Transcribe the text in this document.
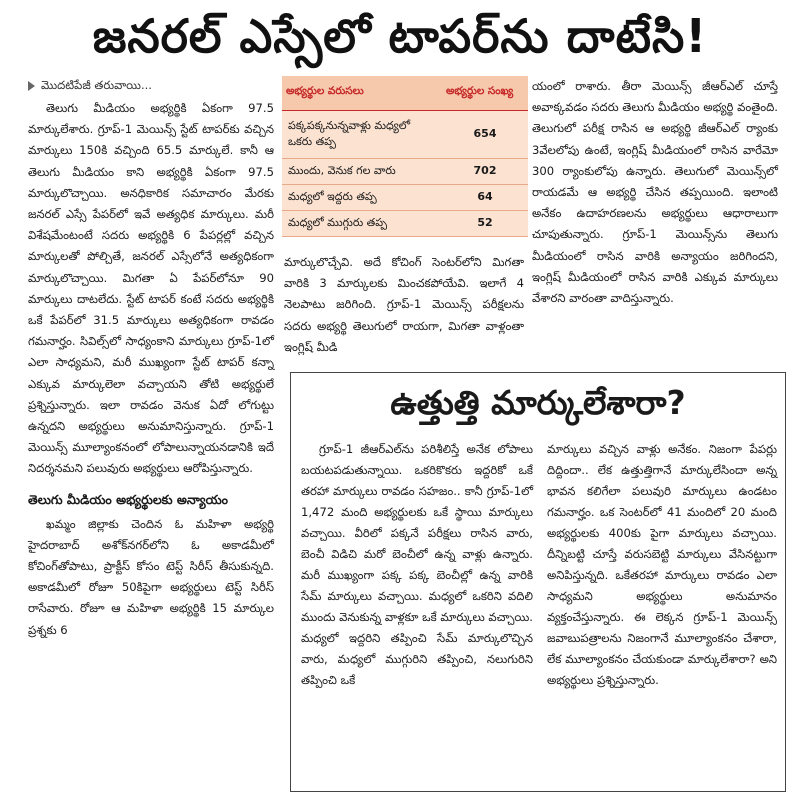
జనరల్ ఎస్సేలో టాపర్‌ను దాటేసి!
మొదటిపేజీ తరువాయి...

తెలుగు మీడియం అభ్యర్థికి ఏకంగా 97.5 మార్కులేశారు. గ్రూప్‌-1 మెయిన్స్‌ స్టేట్‌ టాపర్‌కు వచ్చిన మార్కులు 150కి వచ్చింది 65.5 మార్కులే. కానీ ఆ తెలుగు మీడియం కాని అభ్యర్థికి ఏకంగా 97.5 మార్కులొచ్చాయి. అనధికారిక సమాచారం మేరకు జనరల్‌ ఎస్సే పేపర్‌లో ఇవే అత్యధిక మార్కులు. మరీ విశేషమేంటంటే సదరు అభ్యర్థికి 6 పేపర్లల్లో వచ్చిన మార్కులతో పోల్చితే, జనరల్‌ ఎస్సేలోనే అత్యధికంగా మార్కులొచ్చాయి. మిగతా ఏ పేపర్‌లోనూ 90 మార్కులు దాటలేదు. స్టేట్‌ టాపర్‌ కంటే సదరు అభ్యర్థికి ఒకే పేపర్‌లో 31.5 మార్కులు అత్యధికంగా రావడం గమనార్హం. సివిల్స్‌లో సాధ్యంకాని మార్కులు గ్రూప్‌-1లో ఎలా సాధ్యమని, మరీ ముఖ్యంగా స్టేట్‌ టాపర్‌ కన్నా ఎక్కువ మార్కులెలా వచ్చాయని తోటి అభ్యర్థులే ప్రశ్నిస్తున్నారు. ఇలా రావడం వెనుక ఏదో లోగుట్టు ఉన్నదని అభ్యర్థులు అనుమానిస్తున్నారు. గ్రూప్‌-1 మెయిన్స్‌ మూల్యాంకనంలో లోపాలున్నాయనడానికి ఇదే నిదర్శనమని పలువురు అభ్యర్థులు ఆరోపిస్తున్నారు.

తెలుగు మీడియం అభ్యర్థులకు అన్యాయం

ఖమ్మం జిల్లాకు చెందిన ఓ మహిళా అభ్యర్థి హైదరాబాద్‌ అశోక్‌నగర్‌లోని ఓ అకాడమీలో కోచింగ్‌తోపాటు, ప్రాక్టీస్‌ కోసం టెస్ట్‌ సిరీస్‌ తీసుకున్నది. అకాడమీలో రోజూ 50కిపైగా అభ్యర్థులు టెస్ట్‌ సిరీస్‌ రాసేవారు. రోజూ ఆ మహిళా అభ్యర్థికి 15 మార్కుల ప్రశ్నకు 6

అభ్యర్థుల వరుసలు	అభ్యర్థుల సంఖ్య
పక్కపక్కనున్నవాళ్లు మధ్యలో ఒకరు తప్ప	654
ముందు, వెనుక గల వారు	702
మధ్యలో ఇద్దరు తప్ప	64
మధ్యలో ముగ్గురు తప్ప	52

మార్కులొచ్చేవి. అదే కోచింగ్‌ సెంటర్‌లోని మిగతా వారికి 3 మార్కులకు మించకపోయేవి. ఇలాగే 4 నెలపాటు జరిగింది. గ్రూప్‌-1 మెయిన్స్‌ పరీక్షలను సదరు అభ్యర్థి తెలుగులో రాయగా, మిగతా వాళ్లంతా ఇంగ్లిష్‌ మీడి

యంలో రాశారు. తీరా మెయిన్స్‌ జీఆర్‌ఎల్‌ చూస్తే అవాక్కవడం సదరు తెలుగు మీడియం అభ్యర్థి వంతైంది. తెలుగులో పరీక్ష రాసిన ఆ అభ్యర్థి జీఆర్‌ఎల్‌ ర్యాంకు 3వేలలోపు ఉంటే, ఇంగ్లిష్‌ మీడియంలో రాసిన వారేమో 300 ర్యాంకులోపు ఉన్నారు. తెలుగులో మెయిన్స్‌లో రాయడమే ఆ అభ్యర్థి చేసిన తప్పయింది. ఇలాంటి అనేకం ఉదాహరణలను అభ్యర్థులు ఆధారాలుగా చూపుతున్నారు. గ్రూప్‌-1 మెయిన్స్‌ను తెలుగు మీడియంలో రాసిన వారికి అన్యాయం జరిగిందని, ఇంగ్లిష్‌ మీడియంలో రాసిన వారికి ఎక్కువ మార్కులు వేశారని వారంతా వాదిస్తున్నారు.

ఉత్తుత్తి మార్కులేశారా?

గ్రూప్‌-1 జీఆర్‌ఎల్‌ను పరిశీలిస్తే అనేక లోపాలు బయటపడుతున్నాయి. ఒకరికొకరు ఇద్దరికో ఒకే తరహా మార్కులు రావడం సహజం.. కానీ గ్రూప్‌-1లో 1,472 మంది అభ్యర్థులకు ఒకే స్థాయి మార్కులు వచ్చాయి. వీరిలో పక్కనే పరీక్షలు రాసిన వారు, బెంచీ విడిచి మరో బెంచీలో ఉన్న వాళ్లు ఉన్నారు. మరీ ముఖ్యంగా పక్క పక్క బెంచీల్లో ఉన్న వారికి సేమ్‌ మార్కులు వచ్చాయి. మధ్యలో ఒకరిని వదిలి ముందు వెనుకున్న వాళ్లకూ ఒకే మార్కులు వచ్చాయి. మధ్యలో ఇద్దరిని తప్పించి సేమ్‌ మార్కులొచ్చిన వారు, మధ్యలో ముగ్గురిని తప్పించి, నలుగురిని తప్పించి ఒకే

మార్కులు వచ్చిన వాళ్లు అనేకం. నిజంగా పేపర్లు దిద్దిందా.. లేక ఉత్తుత్తిగానే మార్కులేసిందా అన్న భావన కలిగేలా పలువురి మార్కులు ఉండటం గమనార్హం. ఒక సెంటర్‌లో 41 మందిలో 20 మంది అభ్యర్థులకు 400కు పైగా మార్కులు వచ్చాయి. దీన్నిబట్టి చూస్తే వరుసబెట్టి మార్కులు వేసినట్టుగా అనిపిస్తున్నది. ఒకేతరహా మార్కులు రావడం ఎలా సాధ్యమని అభ్యర్థులు అనుమానం వ్యక్తంచేస్తున్నారు. ఈ లెక్కన గ్రూప్‌-1 మెయిన్స్‌ జవాబుపత్రాలను నిజంగానే మూల్యాంకనం చేశారా, లేక మూల్యాంకనం చేయకుండా మార్కులేశారా? అని అభ్యర్థులు ప్రశ్నిస్తున్నారు.
